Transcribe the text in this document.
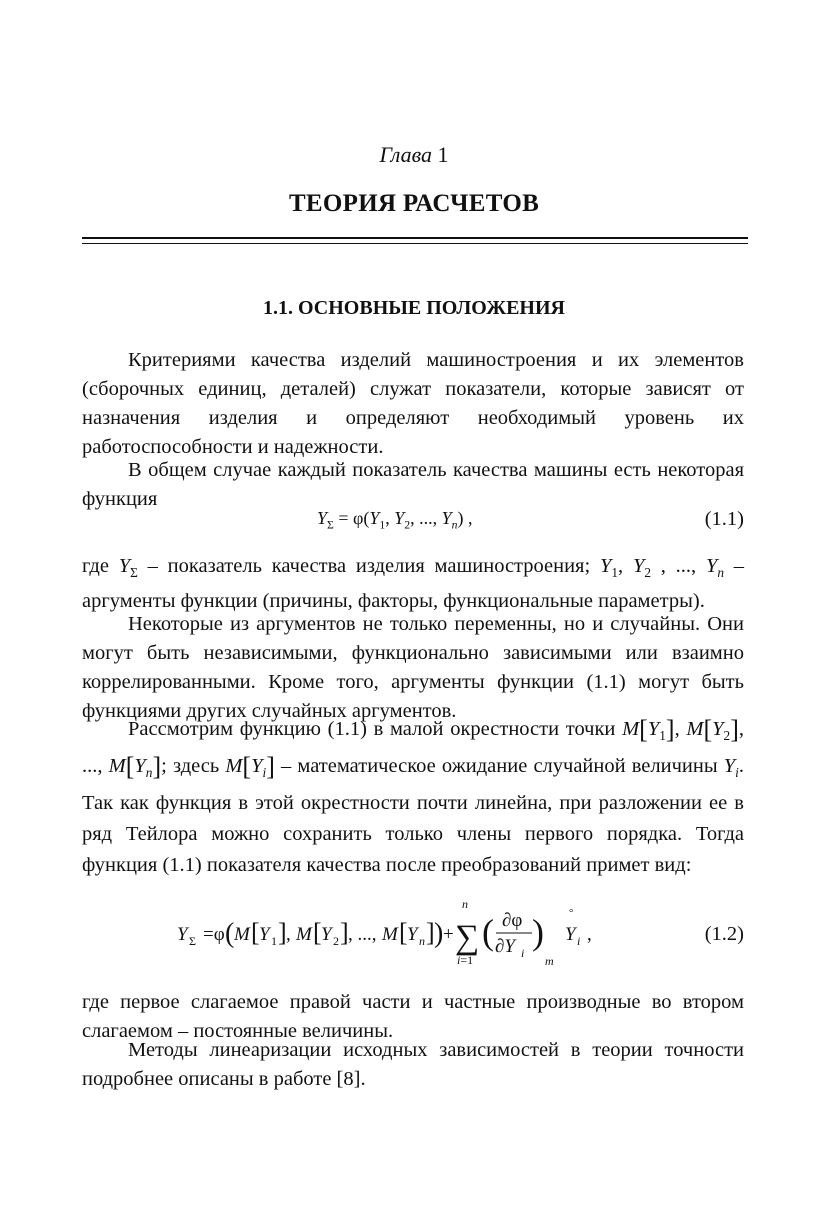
Глава 1
ТЕОРИЯ РАСЧЕТОВ
1.1. ОСНОВНЫЕ ПОЛОЖЕНИЯ
Критериями качества изделий машиностроения и их элементов (сборочных единиц, деталей) служат показатели, которые зависят от назначения изделия и определяют необходимый уровень их работоспособности и надежности.
В общем случае каждый показатель качества машины есть некоторая функция
$Y_\Sigma = \varphi(Y_1$, $Y_2$, ..., $Y_n$) ,	(1.1)
где $Y_\Sigma$ – показатель качества изделия машиностроения; $Y_1$, $Y_2$ , ..., $Y_n$ – аргументы функции (причины, факторы, функциональные параметры).
Некоторые из аргументов не только переменны, но и случайны. Они могут быть независимыми, функционально зависимыми или взаимно коррелированными. Кроме того, аргументы функции (1.1) могут быть функциями других случайных аргументов.
Рассмотрим функцию (1.1) в малой окрестности точки $M[Y_1]$, $M[Y_2]$, ..., $M[Y_n]$; здесь $M[Y_i]$ – математическое ожидание случайной величины $Y_i$. Так как функция в этой окрестности почти линейна, при разложении ее в ряд Тейлора можно сохранить только члены первого порядка. Тогда функция (1.1) показателя качества после преобразований примет вид:
Y Σ =φ ( M [ Y 1 ] , M [ Y 2 ] , ..., M [ Y n ] ) +
n
∑
i=1
( ∂φ
∂Y i
)
m
°
Y i ,	(1.2)
где первое слагаемое правой части и частные производные во втором слагаемом – постоянные величины.
Методы линеаризации исходных зависимостей в теории точности подробнее описаны в работе [8].
